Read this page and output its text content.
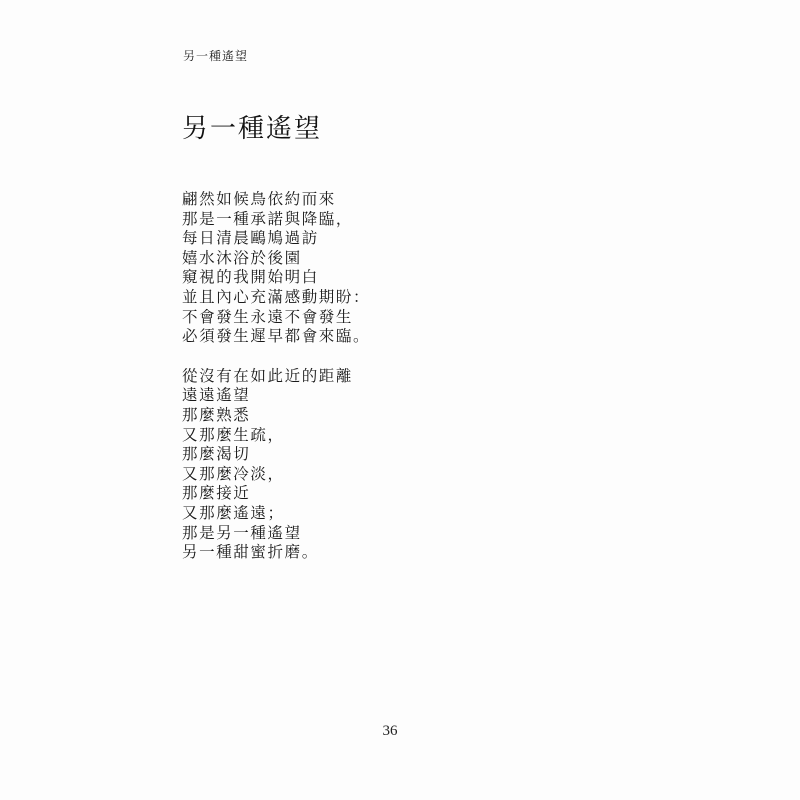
另一種遙望
另一種遙望
翩然如候鳥依約而來
那是一種承諾與降臨，
每日清晨鷗鳩過訪
嬉水沐浴於後園
窺視的我開始明白
並且內心充滿感動期盼：
不會發生永遠不會發生
必須發生遲早都會來臨。
從沒有在如此近的距離
遠遠遙望
那麼熟悉
又那麼生疏，
那麼渴切
又那麼冷淡，
那麼接近
又那麼遙遠；
那是另一種遙望
另一種甜蜜折磨。
36
